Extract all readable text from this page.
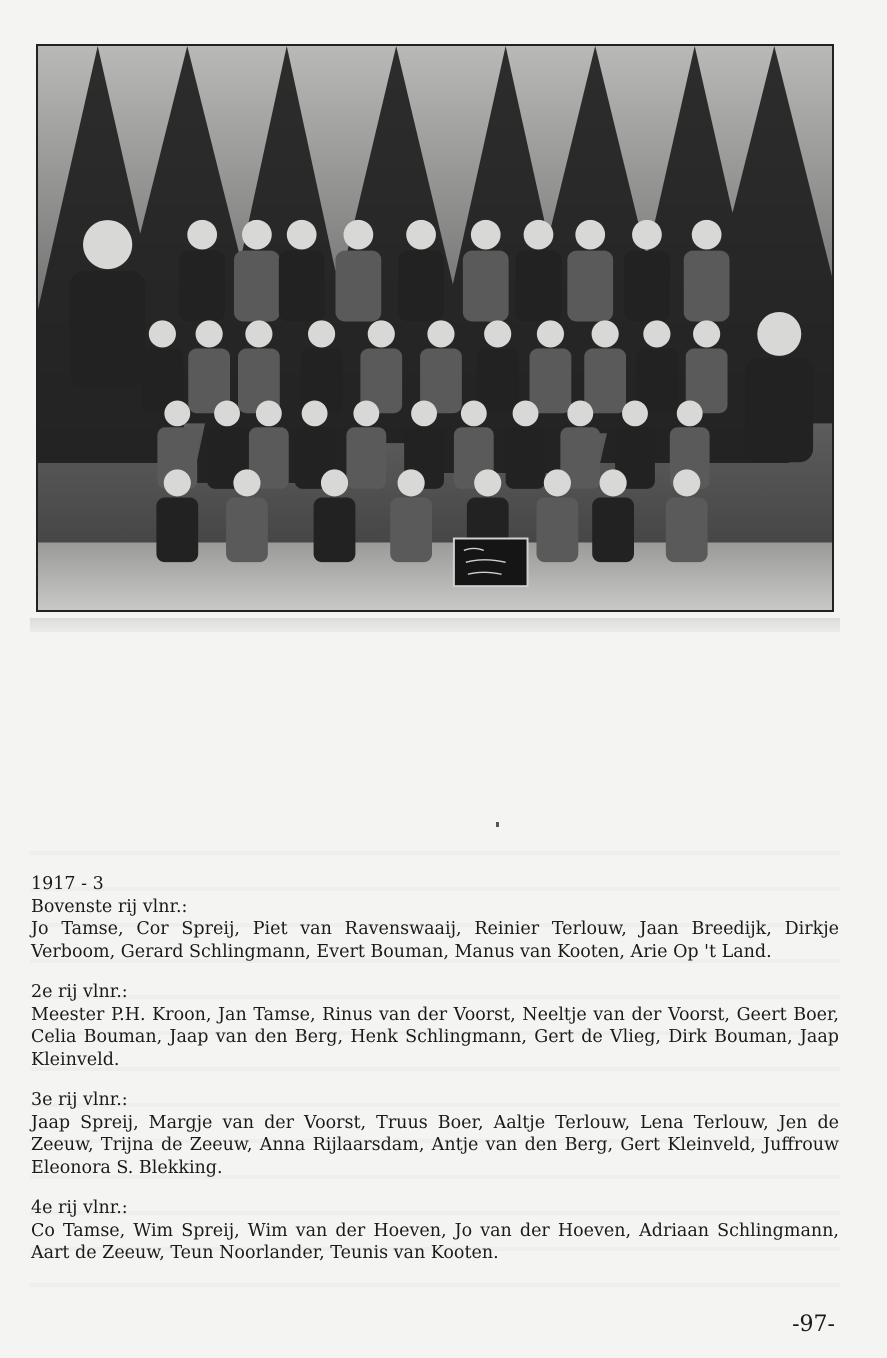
1917 - 3

Bovenste rij vlnr.:

Jo Tamse, Cor Spreij, Piet van Ravenswaaij, Reinier Terlouw, Jaan Breedijk, Dirkje Verboom, Gerard Schlingmann, Evert Bouman, Manus van Kooten, Arie Op 't Land.

2e rij vlnr.:

Meester P.H. Kroon, Jan Tamse, Rinus van der Voorst, Neeltje van der Voorst, Geert Boer, Celia Bouman, Jaap van den Berg, Henk Schlingmann, Gert de Vlieg, Dirk Bouman, Jaap Kleinveld.

3e rij vlnr.:

Jaap Spreij, Margje van der Voorst, Truus Boer, Aaltje Terlouw, Lena Terlouw, Jen de Zeeuw, Trijna de Zeeuw, Anna Rijlaarsdam, Antje van den Berg, Gert Kleinveld, Juffrouw Eleonora S. Blekking.

4e rij vlnr.:

Co Tamse, Wim Spreij, Wim van der Hoeven, Jo van der Hoeven, Adriaan Schlingmann, Aart de Zeeuw, Teun Noorlander, Teunis van Kooten.

-97-
